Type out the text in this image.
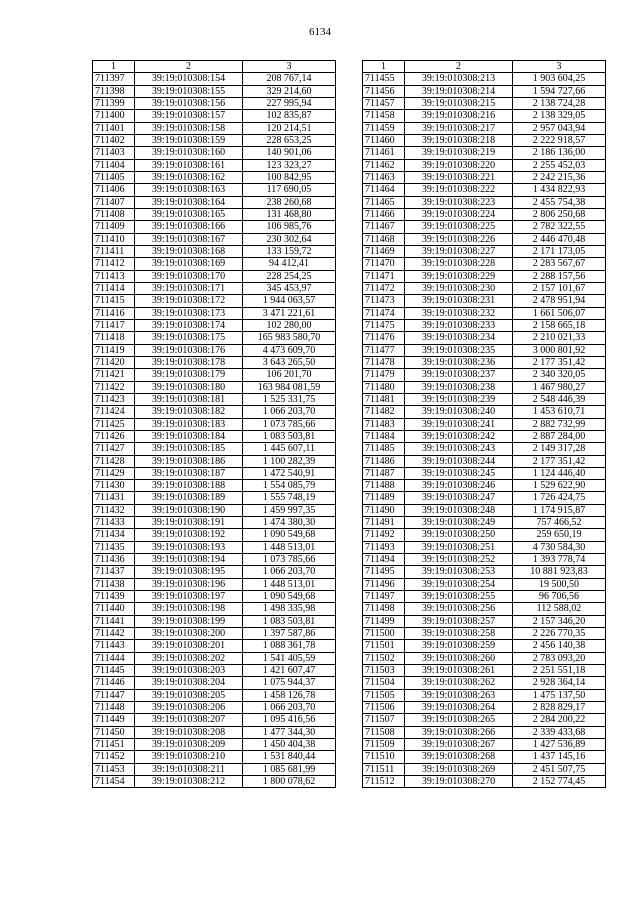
6134
1	2	3
711397	39:19:010308:154	208 767,14
711398	39:19:010308:155	329 214,60
711399	39:19:010308:156	227 995,94
711400	39:19:010308:157	102 835,87
711401	39:19:010308:158	120 214,51
711402	39:19:010308:159	228 653,25
711403	39:19:010308:160	140 901,06
711404	39:19:010308:161	123 323,27
711405	39:19:010308:162	100 842,95
711406	39:19:010308:163	117 690,05
711407	39:19:010308:164	238 260,68
711408	39:19:010308:165	131 468,80
711409	39:19:010308:166	106 985,76
711410	39:19:010308:167	230 302,64
711411	39:19:010308:168	133 159,72
711412	39:19:010308:169	94 412,41
711413	39:19:010308:170	228 254,25
711414	39:19:010308:171	345 453,97
711415	39:19:010308:172	1 944 063,57
711416	39:19:010308:173	3 471 221,61
711417	39:19:010308:174	102 280,00
711418	39:19:010308:175	165 983 580,70
711419	39:19:010308:176	4 473 609,70
711420	39:19:010308:178	3 643 265,50
711421	39:19:010308:179	106 201,70
711422	39:19:010308:180	163 984 081,59
711423	39:19:010308:181	1 525 331,75
711424	39:19:010308:182	1 066 203,70
711425	39:19:010308:183	1 073 785,66
711426	39:19:010308:184	1 083 503,81
711427	39:19:010308:185	1 445 607,11
711428	39:19:010308:186	1 100 282,39
711429	39:19:010308:187	1 472 540,91
711430	39:19:010308:188	1 554 085,79
711431	39:19:010308:189	1 555 748,19
711432	39:19:010308:190	1 459 997,35
711433	39:19:010308:191	1 474 380,30
711434	39:19:010308:192	1 090 549,68
711435	39:19:010308:193	1 448 513,01
711436	39:19:010308:194	1 073 785,66
711437	39:19:010308:195	1 066 203,70
711438	39:19:010308:196	1 448 513,01
711439	39:19:010308:197	1 090 549,68
711440	39:19:010308:198	1 498 335,98
711441	39:19:010308:199	1 083 503,81
711442	39:19:010308:200	1 397 587,86
711443	39:19:010308:201	1 088 361,78
711444	39:19:010308:202	1 541 405,59
711445	39:19:010308:203	1 421 607,47
711446	39:19:010308:204	1 075 944,37
711447	39:19:010308:205	1 458 126,78
711448	39:19:010308:206	1 066 203,70
711449	39:19:010308:207	1 095 416,56
711450	39:19:010308:208	1 477 344,30
711451	39:19:010308:209	1 450 404,38
711452	39:19:010308:210	1 531 840,44
711453	39:19:010308:211	1 085 681,99
711454	39:19:010308:212	1 800 078,62
1	2	3
711455	39:19:010308:213	1 903 604,25
711456	39:19:010308:214	1 594 727,66
711457	39:19:010308:215	2 138 724,28
711458	39:19:010308:216	2 138 329,05
711459	39:19:010308:217	2 957 043,94
711460	39:19:010308:218	2 222 918,57
711461	39:19:010308:219	2 186 136,00
711462	39:19:010308:220	2 255 452,03
711463	39:19:010308:221	2 242 215,36
711464	39:19:010308:222	1 434 822,93
711465	39:19:010308:223	2 455 754,38
711466	39:19:010308:224	2 806 250,68
711467	39:19:010308:225	2 782 322,55
711468	39:19:010308:226	2 446 470,48
711469	39:19:010308:227	2 171 173,05
711470	39:19:010308:228	2 283 567,67
711471	39:19:010308:229	2 288 157,56
711472	39:19:010308:230	2 157 101,67
711473	39:19:010308:231	2 478 951,94
711474	39:19:010308:232	1 661 506,07
711475	39:19:010308:233	2 158 665,18
711476	39:19:010308:234	2 210 021,33
711477	39:19:010308:235	3 000 801,92
711478	39:19:010308:236	2 177 351,42
711479	39:19:010308:237	2 340 320,05
711480	39:19:010308:238	1 467 980,27
711481	39:19:010308:239	2 548 446,39
711482	39:19:010308:240	1 453 610,71
711483	39:19:010308:241	2 882 732,99
711484	39:19:010308:242	2 887 284,00
711485	39:19:010308:243	2 149 317,28
711486	39:19:010308:244	2 177 351,42
711487	39:19:010308:245	1 124 446,40
711488	39:19:010308:246	1 529 622,90
711489	39:19:010308:247	1 726 424,75
711490	39:19:010308:248	1 174 915,87
711491	39:19:010308:249	757 466,52
711492	39:19:010308:250	259 650,19
711493	39:19:010308:251	4 730 584,30
711494	39:19:010308:252	1 393 778,74
711495	39:19:010308:253	10 881 923,83
711496	39:19:010308:254	19 500,50
711497	39:19:010308:255	96 706,56
711498	39:19:010308:256	112 588,02
711499	39:19:010308:257	2 157 346,20
711500	39:19:010308:258	2 226 770,35
711501	39:19:010308:259	2 456 140,38
711502	39:19:010308:260	2 783 093,20
711503	39:19:010308:261	2 251 551,18
711504	39:19:010308:262	2 928 364,14
711505	39:19:010308:263	1 475 137,50
711506	39:19:010308:264	2 828 829,17
711507	39:19:010308:265	2 284 200,22
711508	39:19:010308:266	2 339 433,68
711509	39:19:010308:267	1 427 536,89
711510	39:19:010308:268	1 437 145,16
711511	39:19:010308:269	2 451 507,75
711512	39:19:010308:270	2 152 774,45
